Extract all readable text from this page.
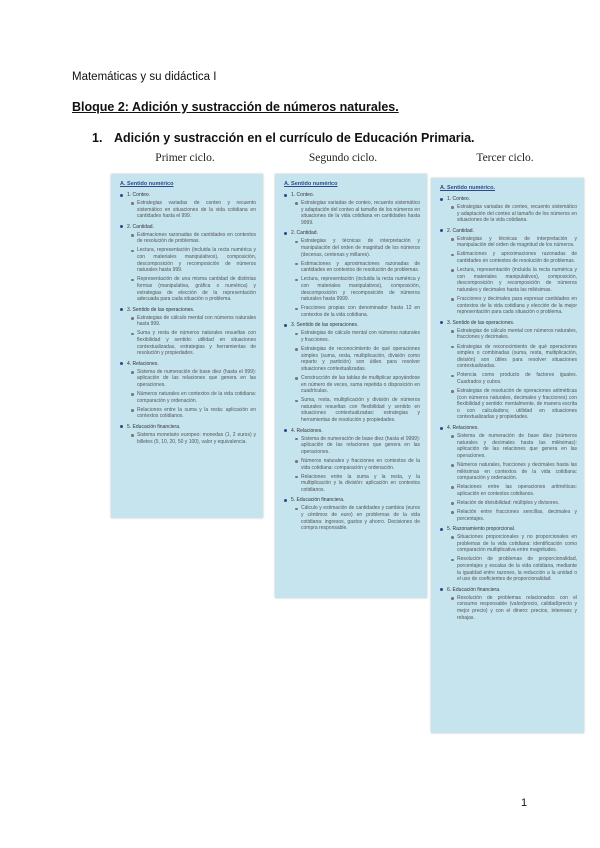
Matemáticas y su didáctica I
Bloque 2: Adición y sustracción de números naturales.
1. Adición y sustracción en el currículo de Educación Primaria.
Primer ciclo.	Segundo ciclo.	Tercer ciclo.
A. Sentido numérico
1. Conteo.
Estrategias variadas de conteo y recuento sistemático en situaciones de la vida cotidiana en cantidades hasta el 999.
2. Cantidad.
Estimaciones razonadas de cantidades en contextos de resolución de problemas.
Lectura, representación (incluida la recta numérica y con materiales manipulativos), composición, descomposición y recomposición de números naturales hasta 999.
Representación de una misma cantidad de distintas formas (manipulativa, gráfica o numérica) y estrategias de elección de la representación adecuada para cada situación o problema.
3. Sentido de las operaciones.
Estrategias de cálculo mental con números naturales hasta 999.
Suma y resta de números naturales resueltas con flexibilidad y sentido: utilidad en situaciones contextualizadas, estrategias y herramientas de resolución y propiedades.
4. Relaciones.
Sistema de numeración de base diez (hasta el 999): aplicación de las relaciones que genera en las operaciones.
Números naturales en contextos de la vida cotidiana: comparación y ordenación.
Relaciones entre la suma y la resta: aplicación en contextos cotidianos.
5. Educación financiera.
Sistema monetario europeo: monedas (1, 2 euros) y billetes (5, 10, 20, 50 y 100), valor y equivalencia.
A. Sentido numérico
1. Conteo.
Estrategias variadas de conteo, recuento sistemático y adaptación del conteo al tamaño de los números en situaciones de la vida cotidiana en cantidades hasta 9999.
2. Cantidad.
Estrategias y técnicas de interpretación y manipulación del orden de magnitud de los números (decenas, centenas y millares).
Estimaciones y aproximaciones razonadas de cantidades en contextos de resolución de problemas.
Lectura, representación (incluida la recta numérica y con materiales manipulativos), composición, descomposición y recomposición de números naturales hasta 9999.
Fracciones propias con denominador hasta 12 en contextos de la vida cotidiana.
3. Sentido de las operaciones.
Estrategias de cálculo mental con números naturales y fracciones.
Estrategias de reconocimiento de qué operaciones simples (suma, resta, multiplicación, división como reparto y partición) son útiles para resolver situaciones contextualizadas.
Construcción de las tablas de multiplicar apoyándose en número de veces, suma repetida o disposición en cuadrículas.
Suma, resta, multiplicación y división de números naturales resueltas con flexibilidad y sentido en situaciones contextualizadas: estrategias y herramientas de resolución y propiedades.
4. Relaciones.
Sistema de numeración de base diez (hasta el 9999): aplicación de las relaciones que genera en las operaciones.
Números naturales y fracciones en contextos de la vida cotidiana: comparación y ordenación.
Relaciones entre la suma y la resta, y la multiplicación y la división: aplicación en contextos cotidianos.
5. Educación financiera.
Cálculo y estimación de cantidades y cambios (euros y céntimos de euro) en problemas de la vida cotidiana: ingresos, gastos y ahorro. Decisiones de compra responsable.
A. Sentido numérico.
1. Conteo.
Estrategias variadas de conteo, recuento sistemático y adaptación del conteo al tamaño de los números en situaciones de la vida cotidiana.
2. Cantidad.
Estrategias y técnicas de interpretación y manipulación del orden de magnitud de los números.
Estimaciones y aproximaciones razonadas de cantidades en contextos de resolución de problemas.
Lectura, representación (incluida la recta numérica y con materiales manipulativos), composición, descomposición y recomposición de números naturales y decimales hasta las milésimas.
Fracciones y decimales para expresar cantidades en contextos de la vida cotidiana y elección de la mejor representación para cada situación o problema.
3. Sentido de las operaciones.
Estrategias de cálculo mental con números naturales, fracciones y decimales.
Estrategias de reconocimiento de qué operaciones simples o combinadas (suma, resta, multiplicación, división) son útiles para resolver situaciones contextualizadas.
Potencia como producto de factores iguales. Cuadrados y cubos.
Estrategias de resolución de operaciones aritméticas (con números naturales, decimales y fracciones) con flexibilidad y sentido: mentalmente, de manera escrita o con calculadora; utilidad en situaciones contextualizadas y propiedades.
4. Relaciones.
Sistema de numeración de base diez (números naturales y decimales hasta las milésimas): aplicación de las relaciones que genera en las operaciones.
Números naturales, fracciones y decimales hasta las milésimas en contextos de la vida cotidiana: comparación y ordenación.
Relaciones entre las operaciones aritméticas: aplicación en contextos cotidianos.
Relación de divisibilidad: múltiplos y divisores.
Relación entre fracciones sencillas, decimales y porcentajes.
5. Razonamiento proporcional.
Situaciones proporcionales y no proporcionales en problemas de la vida cotidiana: identificación como comparación multiplicativa entre magnitudes.
Resolución de problemas de proporcionalidad, porcentajes y escalas de la vida cotidiana, mediante la igualdad entre razones, la reducción a la unidad o el uso de coeficientes de proporcionalidad.
6. Educación financiera.
Resolución de problemas relacionados con el consumo responsable (valor/precio, calidad/precio y mejor precio) y con el dinero: precios, intereses y rebajas.
1
